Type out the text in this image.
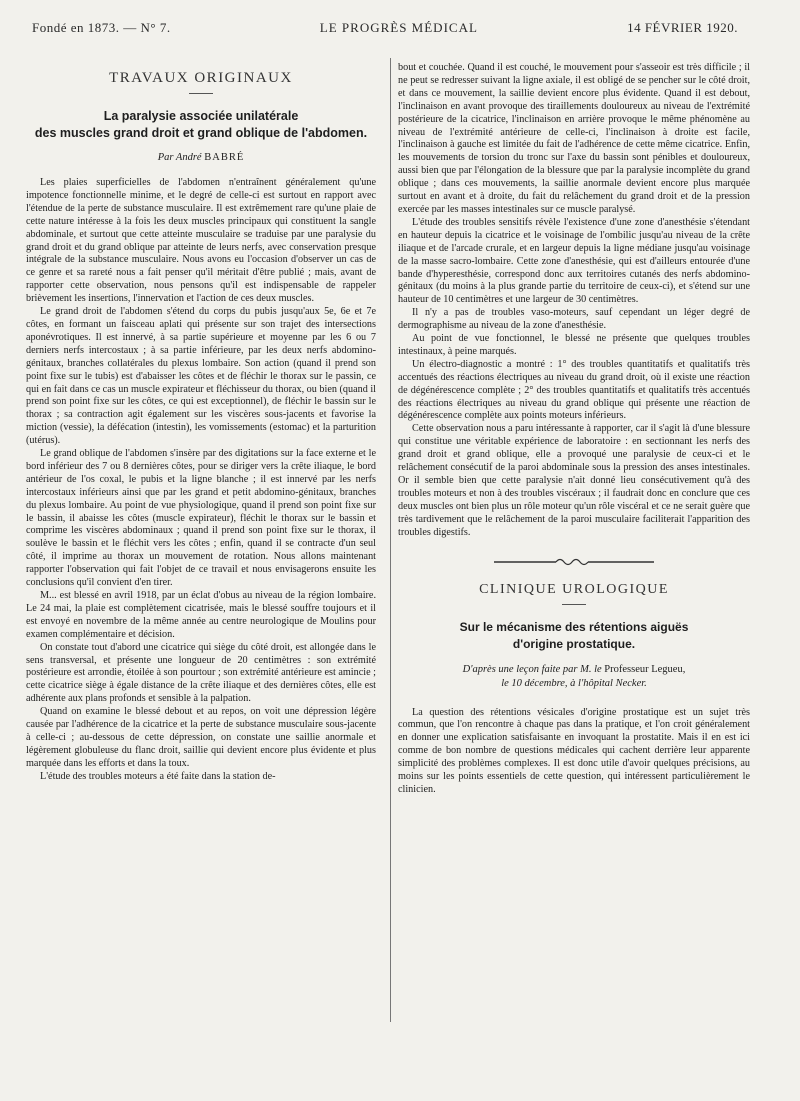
Fondé en 1873. — N° 7.	LE PROGRÈS MÉDICAL	14 FÉVRIER 1920.
TRAVAUX ORIGINAUX
La paralysie associée unilatérale
des muscles grand droit et grand oblique de l'abdomen.
Par André BABRÉ

Les plaies superficielles de l'abdomen n'entraînent généralement qu'une impotence fonctionnelle minime, et le degré de celle-ci est surtout en rapport avec l'étendue de la perte de substance musculaire. Il est extrêmement rare qu'une plaie de cette nature intéresse à la fois les deux muscles principaux qui constituent la sangle abdominale, et surtout que cette atteinte musculaire se traduise par une paralysie du grand droit et du grand oblique par atteinte de leurs nerfs, avec conservation presque intégrale de la substance musculaire. Nous avons eu l'occasion d'observer un cas de ce genre et sa rareté nous a fait penser qu'il méritait d'être publié ; mais, avant de rapporter cette observation, nous pensons qu'il est indispensable de rappeler brièvement les insertions, l'innervation et l'action de ces deux muscles.

Le grand droit de l'abdomen s'étend du corps du pubis jusqu'aux 5e, 6e et 7e côtes, en formant un faisceau aplati qui présente sur son trajet des intersections aponévrotiques. Il est innervé, à sa partie supérieure et moyenne par les 6 ou 7 derniers nerfs intercostaux ; à sa partie inférieure, par les deux nerfs abdomino-génitaux, branches collatérales du plexus lombaire. Son action (quand il prend son point fixe sur le tubis) est d'abaisser les côtes et de fléchir le thorax sur le passin, ce qui en fait dans ce cas un muscle expirateur et fléchisseur du thorax, ou bien (quand il prend son point fixe sur les côtes, ce qui est exceptionnel), de fléchir le bassin sur le thorax ; sa contraction agit également sur les viscères sous-jacents et favorise la miction (vessie), la défécation (intestin), les vomissements (estomac) et la parturition (utérus).

Le grand oblique de l'abdomen s'insère par des digitations sur la face externe et le bord inférieur des 7 ou 8 dernières côtes, pour se diriger vers la crête iliaque, le bord antérieur de l'os coxal, le pubis et la ligne blanche ; il est innervé par les nerfs intercostaux inférieurs ainsi que par les grand et petit abdomino-génitaux, branches du plexus lombaire. Au point de vue physiologique, quand il prend son point fixe sur le bassin, il abaisse les côtes (muscle expirateur), fléchit le thorax sur le bassin et comprime les viscères abdominaux ; quand il prend son point fixe sur le thorax, il soulève le bassin et le fléchit vers les côtes ; enfin, quand il se contracte d'un seul côté, il imprime au thorax un mouvement de rotation. Nous allons maintenant rapporter l'observation qui fait l'objet de ce travail et nous envisagerons ensuite les conclusions qu'il convient d'en tirer.

M... est blessé en avril 1918, par un éclat d'obus au niveau de la région lombaire. Le 24 mai, la plaie est complètement cicatrisée, mais le blessé souffre toujours et il est envoyé en novembre de la même année au centre neurologique de Moulins pour examen complémentaire et décision.

On constate tout d'abord une cicatrice qui siège du côté droit, est allongée dans le sens transversal, et présente une longueur de 20 centimètres : son extrémité postérieure est arrondie, étoilée à son pourtour ; son extrémité antérieure est amincie ; cette cicatrice siège à égale distance de la crête iliaque et des dernières côtes, elle est adhérente aux plans profonds et sensible à la palpation.

Quand on examine le blessé debout et au repos, on voit une dépression légère causée par l'adhérence de la cicatrice et la perte de substance musculaire sous-jacente à celle-ci ; au-dessous de cette dépression, on constate une saillie anormale et légèrement globuleuse du flanc droit, saillie qui devient encore plus évidente et plus marquée dans les efforts et dans la toux.

L'étude des troubles moteurs a été faite dans la station de-

bout et couchée. Quand il est couché, le mouvement pour s'asseoir est très difficile ; il ne peut se redresser suivant la ligne axiale, il est obligé de se pencher sur le côté droit, et dans ce mouvement, la saillie devient encore plus évidente. Quand il est debout, l'inclinaison en avant provoque des tiraillements douloureux au niveau de l'extrémité postérieure de la cicatrice, l'inclinaison en arrière provoque le même phénomène au niveau de l'extrémité antérieure de celle-ci, l'inclinaison à droite est facile, l'inclinaison à gauche est limitée du fait de l'adhérence de cette même cicatrice. Enfin, les mouvements de torsion du tronc sur l'axe du bassin sont pénibles et douloureux, aussi bien que par l'élongation de la blessure que par la paralysie incomplète du grand oblique ; dans ces mouvements, la saillie anormale devient encore plus marquée surtout en avant et à droite, du fait du relâchement du grand droit et de la pression exercée par les masses intestinales sur ce muscle paralysé.

L'étude des troubles sensitifs révèle l'existence d'une zone d'anesthésie s'étendant en hauteur depuis la cicatrice et le voisinage de l'ombilic jusqu'au niveau de la crête iliaque et de l'arcade crurale, et en largeur depuis la ligne médiane jusqu'au voisinage de la masse sacro-lombaire. Cette zone d'anesthésie, qui est d'ailleurs entourée d'une bande d'hyperesthésie, correspond donc aux territoires cutanés des nerfs abdomino-génitaux (du moins à la plus grande partie du territoire de ceux-ci), et s'étend sur une hauteur de 10 centimètres et une largeur de 30 centimètres.

Il n'y a pas de troubles vaso-moteurs, sauf cependant un léger degré de dermographisme au niveau de la zone d'anesthésie.

Au point de vue fonctionnel, le blessé ne présente que quelques troubles intestinaux, à peine marqués.

Un électro-diagnostic a montré : 1° des troubles quantitatifs et qualitatifs très accentués des réactions électriques au niveau du grand droit, où il existe une réaction de dégénérescence complète ; 2° des troubles quantitatifs et qualitatifs très accentués des réactions électriques au niveau du grand oblique qui présente une réaction de dégénérescence complète aux points moteurs inférieurs.

Cette observation nous a paru intéressante à rapporter, car il s'agit là d'une blessure qui constitue une véritable expérience de laboratoire : en sectionnant les nerfs des grand droit et grand oblique, elle a provoqué une paralysie de ceux-ci et le relâchement consécutif de la paroi abdominale sous la pression des anses intestinales. Or il semble bien que cette paralysie n'ait donné lieu consécutivement qu'à des troubles moteurs et non à des troubles viscéraux ; il faudrait donc en conclure que ces deux muscles ont bien plus un rôle moteur qu'un rôle viscéral et ce ne serait guère que très tardivement que le relâchement de la paroi musculaire faciliterait l'apparition des troubles digestifs.

CLINIQUE UROLOGIQUE
Sur le mécanisme des rétentions aiguës
d'origine prostatique.
D'après une leçon faite par M. le Professeur Legueu,
le 10 décembre, à l'hôpital Necker.

La question des rétentions vésicales d'origine prostatique est un sujet très commun, que l'on rencontre à chaque pas dans la pratique, et l'on croit généralement en donner une explication satisfaisante en invoquant la prostatite. Mais il en est ici comme de bon nombre de questions médicales qui cachent derrière leur apparente simplicité des problèmes complexes. Il est donc utile d'avoir quelques précisions, au moins sur les points essentiels de cette question, qui intéressent particulièrement le clinicien.
